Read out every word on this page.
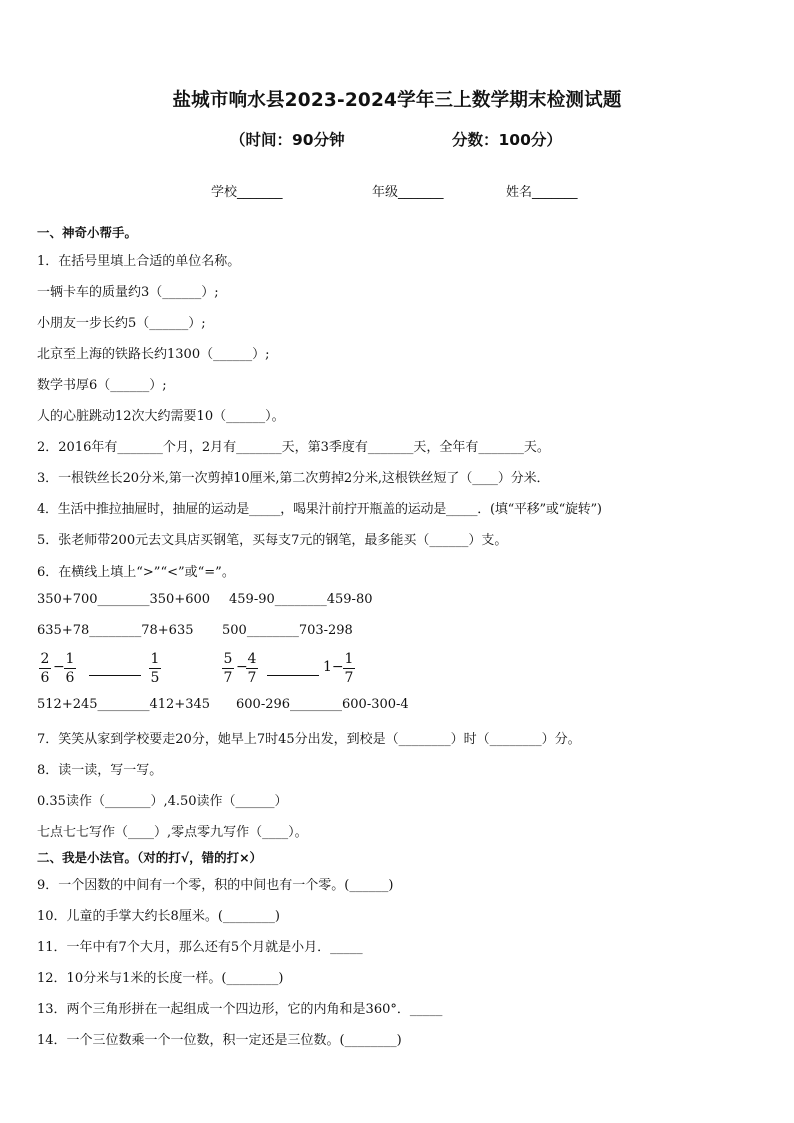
盐城市响水县2023-2024学年三上数学期末检测试题
（时间：90分钟	分数：100分）
学校_______	年级_______	姓名_______
一、神奇小帮手。
1．在括号里填上合适的单位名称。
一辆卡车的质量约3（______）;
小朋友一步长约5（______）;
北京至上海的铁路长约1300（______）;
数学书厚6（______）;
人的心脏跳动12次大约需要10（______）。
2．2016年有_______个月，2月有_______天，第3季度有_______天，全年有_______天。
3．一根铁丝长20分米,第一次剪掉10厘米,第二次剪掉2分米,这根铁丝短了（____）分米．
4．生活中推拉抽屉时，抽屉的运动是_____，喝果汁前拧开瓶盖的运动是_____．(填“平移”或“旋转”)
5．张老师带200元去文具店买钢笔，买每支7元的钢笔，最多能买（______）支。
6．在横线上填上“>”“<”或“=”。
350+700________350+600 459-90________459-80
635+78________78+635 500________703-298
2
6
− 1
6
1
5
5
7
− 4
7
1− 1
7
512+245________412+345 600-296________600-300-4
7．笑笑从家到学校要走20分，她早上7时45分出发，到校是（________）时（________）分。
8．读一读，写一写。
0.35读作（_______）,4.50读作（______）
七点七七写作（____）,零点零九写作（____）。
二、我是小法官。（对的打√，错的打×）
9．一个因数的中间有一个零，积的中间也有一个零。(______)
10．儿童的手掌大约长8厘米。(________)
11．一年中有7个大月，那么还有5个月就是小月．_____
12．10分米与1米的长度一样。(________)
13．两个三角形拼在一起组成一个四边形，它的内角和是360°．_____
14．一个三位数乘一个一位数，积一定还是三位数。(________)
